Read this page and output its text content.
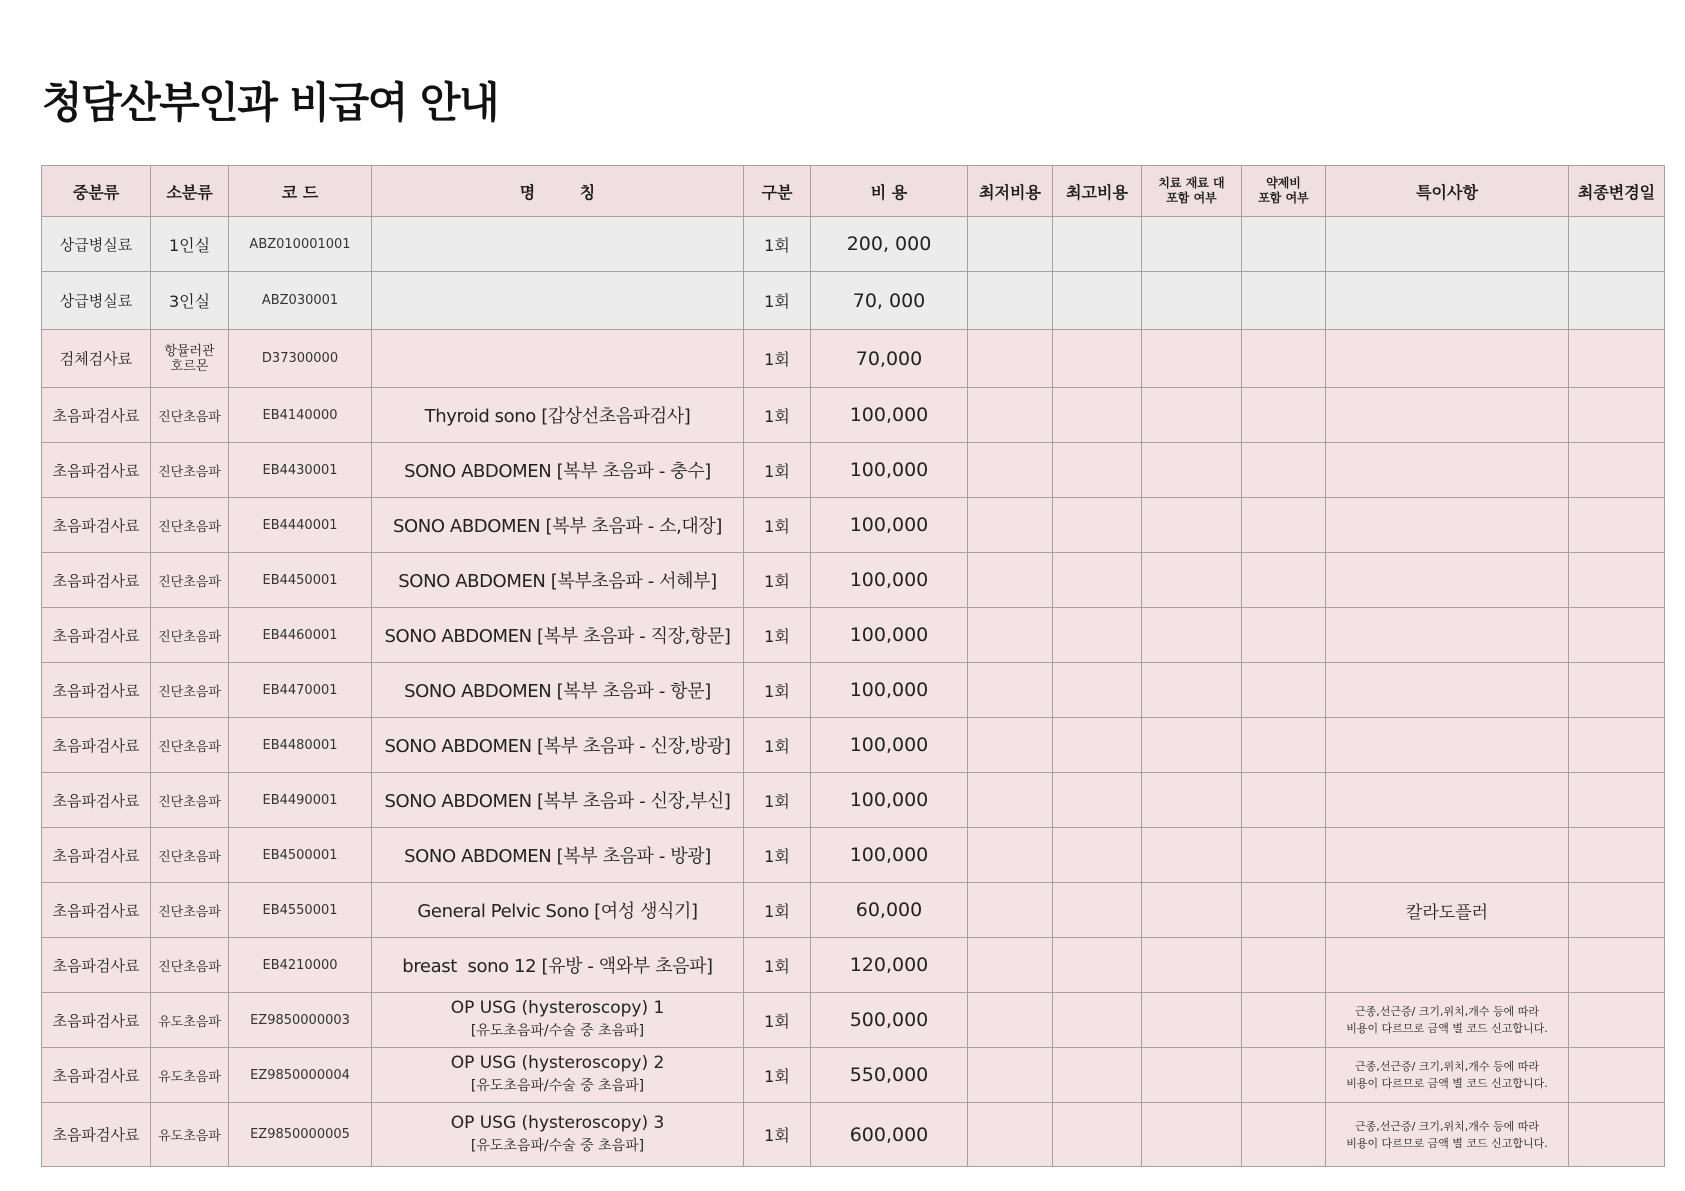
청담산부인과 비급여 안내
중분류	소분류	코 드	명        칭	구분	비 용	최저비용	최고비용	치료 재료 대
포함 여부	약제비
포함 여부	특이사항	최종변경일
상급병실료	1인실	ABZ010001001		1회	200, 000						
상급병실료	3인실	ABZ030001		1회	70, 000						
검체검사료	항뮬러관
호르몬	D37300000		1회	70,000						
초음파검사료	진단초음파	EB4140000	Thyroid sono [갑상선초음파검사]	1회	100,000						
초음파검사료	진단초음파	EB4430001	SONO ABDOMEN [복부 초음파 - 충수]	1회	100,000						
초음파검사료	진단초음파	EB4440001	SONO ABDOMEN [복부 초음파 - 소,대장]	1회	100,000						
초음파검사료	진단초음파	EB4450001	SONO ABDOMEN [복부초음파 - 서혜부]	1회	100,000						
초음파검사료	진단초음파	EB4460001	SONO ABDOMEN [복부 초음파 - 직장,항문]	1회	100,000						
초음파검사료	진단초음파	EB4470001	SONO ABDOMEN [복부 초음파 - 항문]	1회	100,000						
초음파검사료	진단초음파	EB4480001	SONO ABDOMEN [복부 초음파 - 신장,방광]	1회	100,000						
초음파검사료	진단초음파	EB4490001	SONO ABDOMEN [복부 초음파 - 신장,부신]	1회	100,000						
초음파검사료	진단초음파	EB4500001	SONO ABDOMEN [복부 초음파 - 방광]	1회	100,000						
초음파검사료	진단초음파	EB4550001	General Pelvic Sono [여성 생식기]	1회	60,000					칼라도플러	
초음파검사료	진단초음파	EB4210000	breast  sono 12 [유방 - 액와부 초음파]	1회	120,000						
초음파검사료	유도초음파	EZ9850000003	OP USG (hysteroscopy) 1
[유도초음파/수술 중 초음파]	1회	500,000					근종,선근증/ 크기,위치,개수 등에 따라
비용이 다르므로 금액 별 코드 신고합니다.	

초음파검사료	유도초음파	EZ9850000004	OP USG (hysteroscopy) 2
[유도초음파/수술 중 초음파]	1회	550,000					근종,선근증/ 크기,위치,개수 등에 따라
비용이 다르므로 금액 별 코드 신고합니다.	

초음파검사료	유도초음파	EZ9850000005	OP USG (hysteroscopy) 3
[유도초음파/수술 중 초음파]	1회	600,000					근종,선근증/ 크기,위치,개수 등에 따라
비용이 다르므로 금액 별 코드 신고합니다.	
